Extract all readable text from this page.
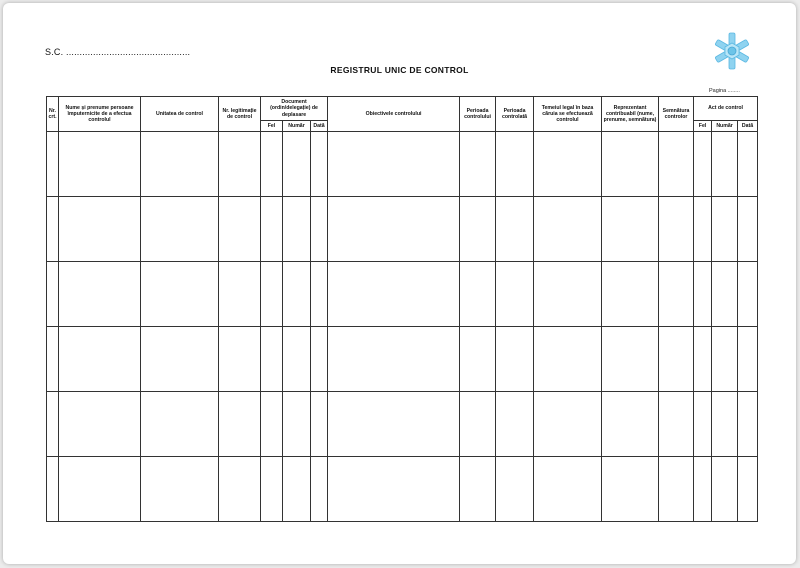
S.C. ..............................................
REGISTRUL UNIC DE CONTROL
Pagina ........
Nr. crt.	Nume și prenume persoane împuternicite de a efectua controlul	Unitatea de control	Nr. legitimație de control	Document (ordin/delegație) de deplasare			Obiectivele controlului	Perioada controlului	Perioada controlată	Temeiul legal în baza căruia se efectuează controlul	Reprezentant contribuabil (nume, prenume, semnătura)	Semnătura controlor	Act de control		
				Fel	Număr	Dată							Fel	Număr	Dată
